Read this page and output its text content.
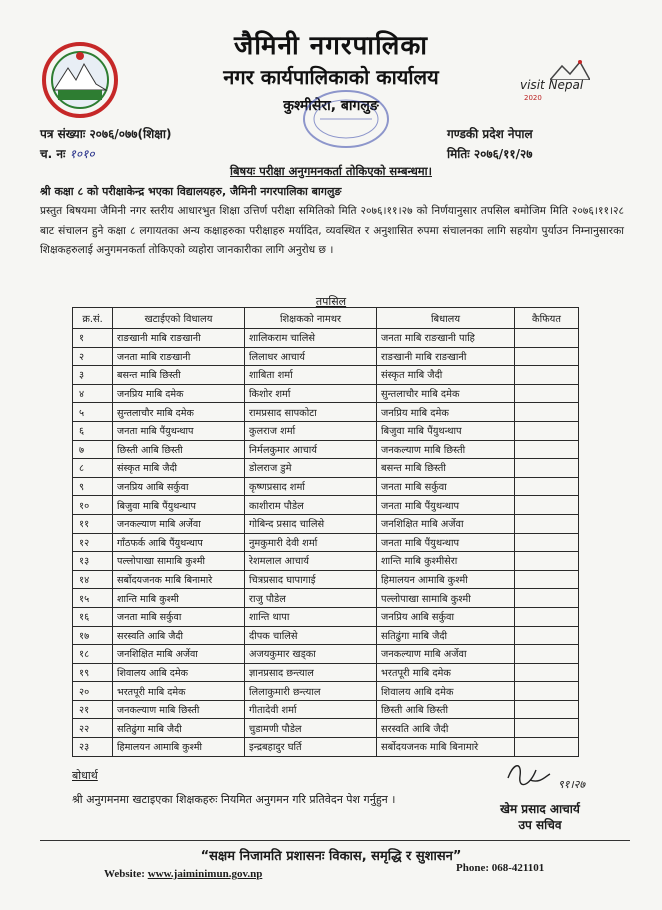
जैमिनी नगरपालिका
नगर कार्यपालिकाको कार्यालय
कुश्मीसेरा, बागलुङ
visit Nepal
2020
पत्र संख्याः २०७६/०७७(शिक्षा)
च. नः १०१०
गण्डकी प्रदेश नेपाल
मितिः २०७६/११/२७
बिषयः परीक्षा अनुगमनकर्ता तोकिएको सम्बन्धमा।
श्री कक्षा ८ को परीक्षाकेन्द्र भएका विद्यालयहरु, जैमिनी नगरपालिका बागलुङ
प्रस्तुत बिषयमा जैमिनी नगर स्तरीय आधारभुत शिक्षा उत्तिर्ण परीक्षा समितिको मिति २०७६।११।२७ को निर्णयानुसार तपसिल बमोजिम मिति २०७६।११।२८ बाट संचालन हुने कक्षा ८ लगायतका अन्य कक्षाहरुका परीक्षाहरु मर्यादित, व्यवस्थित र अनुशासित रुपमा संचालनका लागि सहयोग पुर्याउन निम्नानुसारका शिक्षकहरुलाई अनुगमनकर्ता तोकिएको व्यहोरा जानकारीका लागि अनुरोध छ ।
तपसिल
क्र.सं.	खटाईएको विधालय	शिक्षकको नामथर	बिधालय	कैफियत
१	राङखानी माबि राङखानी	शालिकराम चालिसे	जनता माबि राङखानी पाहि	
२	जनता माबि राङखानी	लिलाधर आचार्य	राङखानी माबि राङखानी	
३	बसन्त माबि छिस्ती	शाबिता शर्मा	संस्कृत माबि जैदी	
४	जनप्रिय माबि दमेक	किशोर शर्मा	सुन्तलाचौर माबि दमेक	
५	सुन्तलाचौर माबि दमेक	रामप्रसाद सापकोटा	जनप्रिय माबि दमेक	
६	जनता माबि पैंयुथन्थाप	कुलराज शर्मा	बिजुवा माबि पैंयुथन्थाप	
७	छिस्ती आबि छिस्ती	निर्मलकुमार आचार्य	जनकल्याण माबि छिस्ती	
८	संस्कृत माबि जैदी	डोलराज डुमे	बसन्त माबि छिस्ती	
९	जनप्रिय आबि सर्कुवा	कृष्णप्रसाद शर्मा	जनता माबि सर्कुवा	
१०	बिजुवा माबि पैंयुथन्थाप	काशीराम पौडेल	जनता माबि पैंयुथन्थाप	
११	जनकल्याण माबि अर्जेवा	गोबिन्द प्रसाद चालिसे	जनशिक्षित माबि अर्जेवा	
१२	गाँठफर्क आबि पैंयुथन्थाप	नुमकुमारी देवी शर्मा	जनता माबि पैंयुथन्थाप	
१३	पल्लोपाखा सामाबि कुश्मी	रेशमलाल आचार्य	शान्ति माबि कुश्मीसेरा	
१४	सर्बोदयजनक माबि बिनामारे	चित्रप्रसाद घापागाई	हिमालयन आमाबि कुश्मी	
१५	शान्ति माबि कुश्मी	राजु पौडेल	पल्लोपाखा सामाबि कुश्मी	
१६	जनता माबि सर्कुवा	शान्ति थापा	जनप्रिय आबि सर्कुवा	
१७	सरस्वति आबि जैदी	दीपक चालिसे	सतिढुंगा माबि जैदी	
१८	जनशिक्षित माबि अर्जेवा	अजयकुमार खड्का	जनकल्याण माबि अर्जेवा	
१९	शिवालय आबि दमेक	ज्ञानप्रसाद छन्त्याल	भरतपूरी माबि दमेक	
२०	भरतपूरी माबि दमेक	लिलाकुमारी छन्त्याल	शिवालय आबि दमेक	
२१	जनकल्याण माबि छिस्ती	गीतादेवी शर्मा	छिस्ती आबि छिस्ती	
२२	सतिढुंगा माबि जैदी	चुडामणी पौडेल	सरस्वति आबि जैदी	
२३	हिमालयन आमाबि कुश्मी	इन्द्रबहादुर घर्ति	सर्बोदयजनक माबि बिनामारे	
बोधार्थ
श्री अनुगमनमा खटाइएका शिक्षकहरुः नियमित अनुगमन गरि प्रतिवेदन पेश गर्नुहुन ।
९१।२७
खेम प्रसाद आचार्य
उप सचिव
“सक्षम निजामति प्रशासनः विकास, समृद्धि र सुशासन”
Website: www.jaiminimun.gov.np	Phone: 068-421101
